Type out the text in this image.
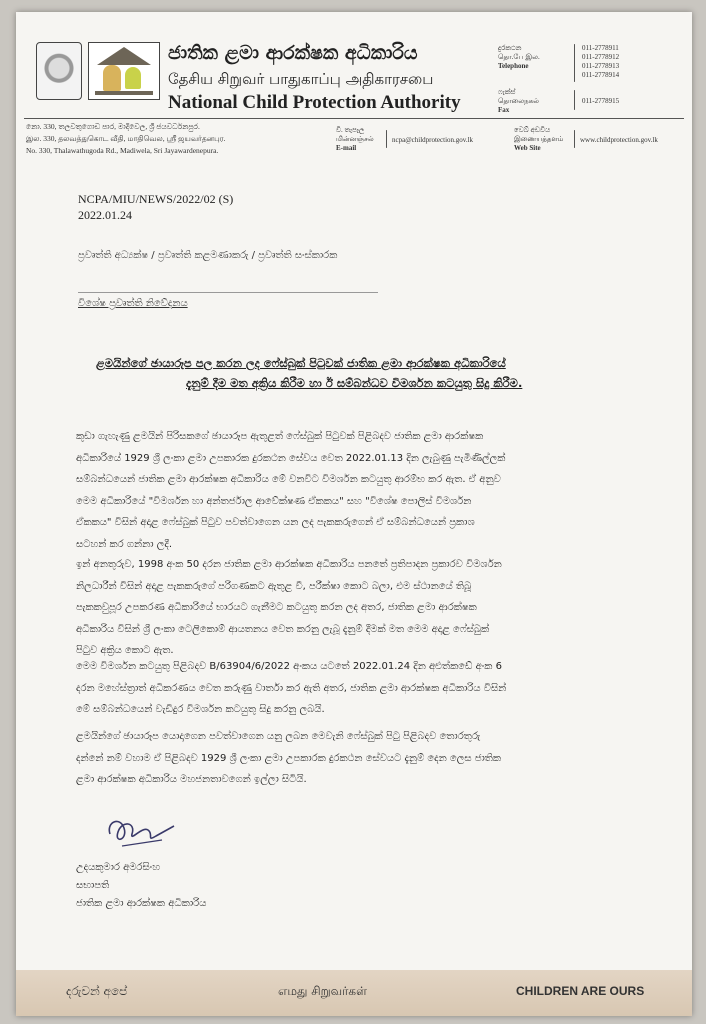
ජාතික ළමා ආරක්ෂක අධිකාරිය
தேசிய சிறுவர் பாதுகாப்பு அதிகாரசபை
National Child Protection Authority
දුරකථන
தொ.பே இல.
Telephone
011-2778911
011-2778912
011-2778913
011-2778914
ෆැක්ස්
தொலைநகல்
Fax
011-2778915
නො. 330, තලවතුගොඩ පාර, මාදිවෙල, ශ්‍රී ජයවර්ධනපුර.
இல. 330, தலவத்துகொட வீதி, மாதிவெல, ஸ்ரீ ஜயவர்தனபுர.
No. 330, Thalawathugoda Rd., Madiwela, Sri Jayawardenepura.
වි. තැපෑල
மின்னஞ்சல்
E-mail
ncpa@childprotection.gov.lk
වෙබ් අඩවිය
இணையத்தளம்
Web Site
www.childprotection.gov.lk
NCPA/MIU/NEWS/2022/02 (S)
2022.01.24
ප්‍රවෘත්ති අධ්‍යක්ෂ / ප්‍රවෘත්ති කළමණාකරු / ප්‍රවෘත්ති සංස්කාරක
විශේෂ ප්‍රවෘත්ති නිවේදනය
ළමයින්ගේ ඡායාරූප පල කරන ලද ෆේස්බුක් පිටුවක් ජාතික ළමා ආරක්ෂක අධිකාරියේ
දැනුම් දීම මත අක්‍රිය කිරීම හා ඊ සම්බන්ධව විමර්ශන කටයුතු සිදු කිරීම.
කුඩා ගැහැණු ළමයින් පිරිසකගේ ඡායාරූප ඇතුළත් ෆේස්බුක් පිටුවක් පිළිබදව ජාතික ළමා ආරක්ෂක
අධිකාරියේ 1929 ශ්‍රී ලංකා ළමා උපකාරක දුරකථන සේවය වෙත 2022.01.13 දින ලැබුණු පැමිණිල්ලක්
සම්බන්ධයෙන් ජාතික ළමා ආරක්ෂක අධිකාරිය මේ වනවිට විමර්ශන කටයුතු ආරම්භ කර ඇත. ඒ අනුව
මෙම අධිකාරියේ "විමර්ශන හා අන්තර්ජාල ආවේක්ෂණ ඒකකය" සහ "විශේෂ පොලිස් විමර්ශන
ඒකකය" විසින් අදාළ ෆේස්බුක් පිටුව පවත්වාගෙන යන ලද පැකකරුගෙන් ඒ සම්බන්ධයෙන් ප්‍රකාශ
සටහන් කර ගන්නා ලදී.
ඉන් අනතුරුව, 1998 අංක 50 දරන ජාතික ළමා ආරක්ෂක අධිකාරිය පනතේ ප්‍රතිපාදන ප්‍රකාරව විමර්ශන
නිලධාරීන් විසින් අදාළ පැකකරුගේ පරිගණකට ඇතුළ වී, පරීක්ෂා කොට බලා, එම ස්ථානයේ තිබූ
පැකකවුපූර උපකරණ අධිකාරියේ භාරයට ගැනීමට කටයුතු කරන ලද අතර, ජාතික ළමා ආරක්ෂක
අධිකාරිය විසින් ශ්‍රී ලංකා ටෙලිකොම් ආයතනය වෙත කරනු ලැබූ දැනුම් දීමක් මත මෙම අදාළ ෆේස්බුක්
පිටුව අක්‍රිය කොට ඇත.
මෙම විමර්ශන කටයුතු පිළිබදව B/63904/6/2022 අංකය යටතේ 2022.01.24 දින අළුත්කඩේ අංක 6
දරන මහේස්ත්‍රාත් අධිකරණය වෙත කරුණු වාර්තා කර ඇති අතර, ජාතික ළමා ආරක්ෂක අධිකාරිය විසින්
මේ සම්බන්ධයෙන් වැඩිදුර විමර්ශන කටයුතු සිදු කරනු ලබයි.
ළමයින්ගේ ඡායාරූප යොදාගෙන පවත්වාගෙන යනු ලබන මෙවැනි ෆේස්බුක් පිටු පිළිබදව තොරතුරු
දන්නේ නම් වහාම ඒ පිළිබදව 1929 ශ්‍රී ලංකා ළමා උපකාරක දුරකථන සේවයට දැනුම් දෙන ලෙස ජාතික
ළමා ආරක්ෂක අධිකාරිය මහජනතාවගෙන් ඉල්ලා සිටියි.
උදයකුමාර අමරසිංහ
සභාපති
ජාතික ළමා ආරක්ෂක අධිකාරිය
දරුවන් අපේ	எமது சிறுவர்கள்	CHILDREN ARE OURS
